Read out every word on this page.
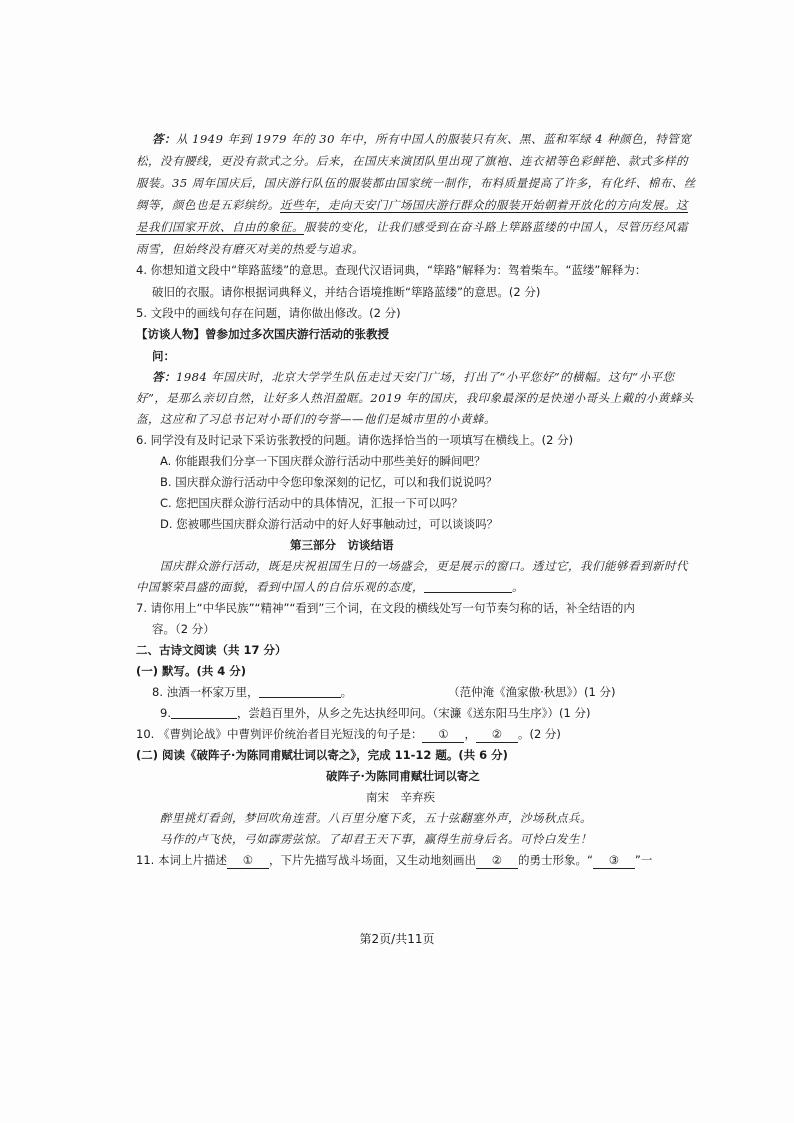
答：从 1949 年到 1979 年的 30 年中，所有中国人的服装只有灰、黑、蓝和军绿 4 种颜色，特管宽
松，没有腰线，更没有款式之分。后来，在国庆来演团队里出现了旗袍、连衣裙等色彩鲜艳、款式多样的
服装。35 周年国庆后，国庆游行队伍的服装都由国家统一制作，布料质量提高了许多，有化纤、棉布、丝
绸等，颜色也是五彩缤纷。近些年，走向天安门广场国庆游行群众的服装开始朝着开放化的方向发展。这
是我们国家开放、自由的象征。服装的变化，让我们感受到在奋斗路上筚路蓝缕的中国人，尽管历经风霜
雨雪，但始终没有磨灭对美的热爱与追求。
4. 你想知道文段中“筚路蓝缕”的意思。查现代汉语词典，“筚路”解释为：驾着柴车。“蓝缕”解释为：
破旧的衣服。请你根据词典释义，并结合语境推断“筚路蓝缕”的意思。(2 分)
5. 文段中的画线句存在问题，请你做出修改。(2 分)
【访谈人物】曾参加过多次国庆游行活动的张教授
问：
答：1984 年国庆时，北京大学学生队伍走过天安门广场，打出了“小平您好”的横幅。这句“小平您
好”，是那么亲切自然，让好多人热泪盈眶。2019 年的国庆，我印象最深的是快递小哥头上戴的小黄蜂头
盔，这应和了习总书记对小哥们的夸誉——他们是城市里的小黄蜂。
6. 同学没有及时记录下采访张教授的问题。请你选择恰当的一项填写在横线上。(2 分)
A. 你能跟我们分享一下国庆群众游行活动中那些美好的瞬间吧？
B. 国庆群众游行活动中令您印象深刻的记忆，可以和我们说说吗？
C. 您把国庆群众游行活动中的具体情况，汇报一下可以吗？
D. 您被哪些国庆群众游行活动中的好人好事触动过，可以谈谈吗？
第三部分　访谈结语
国庆群众游行活动，既是庆祝祖国生日的一场盛会，更是展示的窗口。透过它，我们能够看到新时代
中国繁荣昌盛的面貌，看到中国人的自信乐观的态度，	。
7. 请你用上“中华民族”“精神”“看到”三个词，在文段的横线处写一句节奏匀称的话，补全结语的内
容。（2 分）
二、古诗文阅读（共 17 分）
(一) 默写。(共 4 分)
8. 浊酒一杯家万里，	。	（范仲淹《渔家傲·秋思》）(1 分)
9.	，尝趋百里外，从乡之先达执经叩问。（宋濂《送东阳马生序》）(1 分)
10. 《曹刿论战》中曹刿评价统治者目光短浅的句子是： ① ， ② 。(2 分)
(二) 阅读《破阵子·为陈同甫赋壮词以寄之》，完成 11-12 题。(共 6 分)
破阵子·为陈同甫赋壮词以寄之
南宋　辛弃疾
醉里挑灯看剑，梦回吹角连营。八百里分麾下炙，五十弦翻塞外声，沙场秋点兵。
马作的卢飞快，弓如霹雳弦惊。了却君王天下事，赢得生前身后名。可怜白发生！
11. 本词上片描述 ① ，下片先描写战斗场面，又生动地刻画出 ② 的勇士形象。“ ③ ”一
第2页/共11页
